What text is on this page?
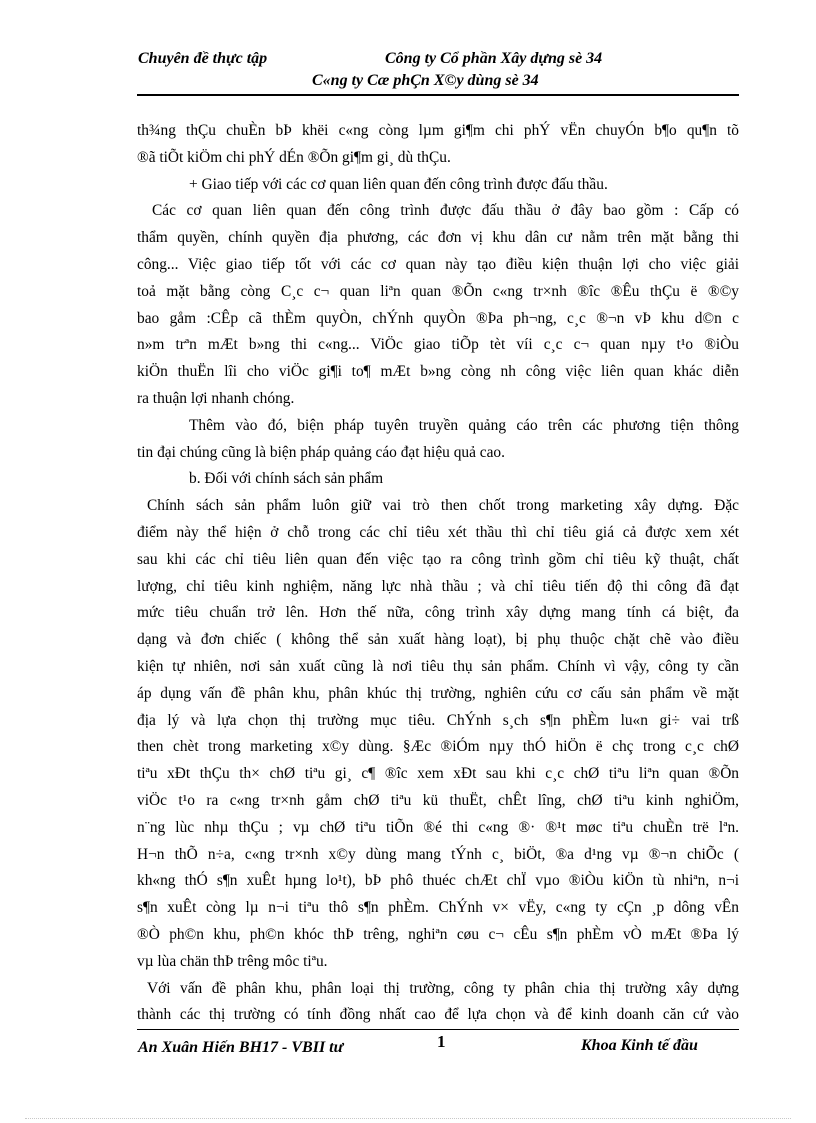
Chuyên đề thực tập	Công ty Cổ phần Xây dựng sè 34
C«ng ty Cæ phÇn X©y dùng sè 34
th¾ng thÇu chuÈn bÞ khëi c«ng còng lµm gi¶m chi phÝ vËn chuyÓn b¶o qu¶n tõ
®ã tiÕt kiÖm chi phÝ dÉn ®Õn gi¶m gi¸ dù thÇu.
+ Giao tiếp với các cơ quan liên quan đến công trình được đấu thầu.
Các cơ quan liên quan đến công trình được đấu thầu ở đây bao gồm : Cấp có
thẩm quyền, chính quyền địa phương, các đơn vị khu dân cư nằm trên mặt bằng thi
công... Việc giao tiếp tốt với các cơ quan này tạo điều kiện thuận lợi cho việc giải
toả mặt bằng còng C¸c c¬ quan liªn quan ®Õn c«ng tr×nh ®îc ®Êu thÇu ë ®©y
bao gåm :CÊp cã thÈm quyÒn, chÝnh quyÒn ®Þa ph¬ng, c¸c ®¬n vÞ khu d©n c
n»m trªn mÆt b»ng thi c«ng... ViÖc giao tiÕp tèt víi c¸c c¬ quan nµy t¹o ®iÒu
kiÖn thuËn lîi cho viÖc gi¶i to¶ mÆt b»ng còng nh công việc liên quan khác diễn
ra thuận lợi nhanh chóng.
Thêm vào đó, biện pháp tuyên truyền quảng cáo trên các phương tiện thông
tin đại chúng cũng là biện pháp quảng cáo đạt hiệu quả cao.
b. Đối với chính sách sản phẩm
Chính sách sản phẩm luôn giữ vai trò then chốt trong marketing xây dựng. Đặc
điểm này thể hiện ở chỗ trong các chỉ tiêu xét thầu thì chỉ tiêu giá cả được xem xét
sau khi các chỉ tiêu liên quan đến việc tạo ra công trình gồm chỉ tiêu kỹ thuật, chất
lượng, chỉ tiêu kinh nghiệm, năng lực nhà thầu ; và chỉ tiêu tiến độ thi công đã đạt
mức tiêu chuẩn trở lên. Hơn thế nữa, công trình xây dựng mang tính cá biệt, đa
dạng và đơn chiếc ( không thể sản xuất hàng loạt), bị phụ thuộc chặt chẽ vào điều
kiện tự nhiên, nơi sản xuất cũng là nơi tiêu thụ sản phẩm. Chính vì vậy, công ty cần
áp dụng vấn đề phân khu, phân khúc thị trường, nghiên cứu cơ cấu sản phẩm về mặt
địa lý và lựa chọn thị trường mục tiêu. ChÝnh s¸ch s¶n phÈm lu«n gi÷ vai trß
then chèt trong marketing x©y dùng. §Æc ®iÓm nµy thÓ hiÖn ë chç trong c¸c chØ
tiªu xÐt thÇu th× chØ tiªu gi¸ c¶ ®îc xem xÐt sau khi c¸c chØ tiªu liªn quan ®Õn
viÖc t¹o ra c«ng tr×nh gåm chØ tiªu kü thuËt, chÊt lîng, chØ tiªu kinh nghiÖm,
n¨ng lùc nhµ thÇu ; vµ chØ tiªu tiÕn ®é thi c«ng ®· ®¹t møc tiªu chuÈn trë lªn.
H¬n thÕ n÷a, c«ng tr×nh x©y dùng mang tÝnh c¸ biÖt, ®a d¹ng vµ ®¬n chiÕc (
kh«ng thÓ s¶n xuÊt hµng lo¹t), bÞ phô thuéc chÆt chÏ vµo ®iÒu kiÖn tù nhiªn, n¬i
s¶n xuÊt còng lµ n¬i tiªu thô s¶n phÈm. ChÝnh v× vËy, c«ng ty cÇn ¸p dông vÊn
®Ò ph©n khu, ph©n khóc thÞ trêng, nghiªn cøu c¬ cÊu s¶n phÈm vÒ mÆt ®Þa lý
vµ lùa chän thÞ trêng môc tiªu.
Với vấn đề phân khu, phân loại thị trường, công ty phân chia thị trường xây dựng
thành các thị trường có tính đồng nhất cao để lựa chọn và để kinh doanh căn cứ vào
An Xuân Hiến BH17 - VBII tư	1	Khoa Kinh tế đầu
